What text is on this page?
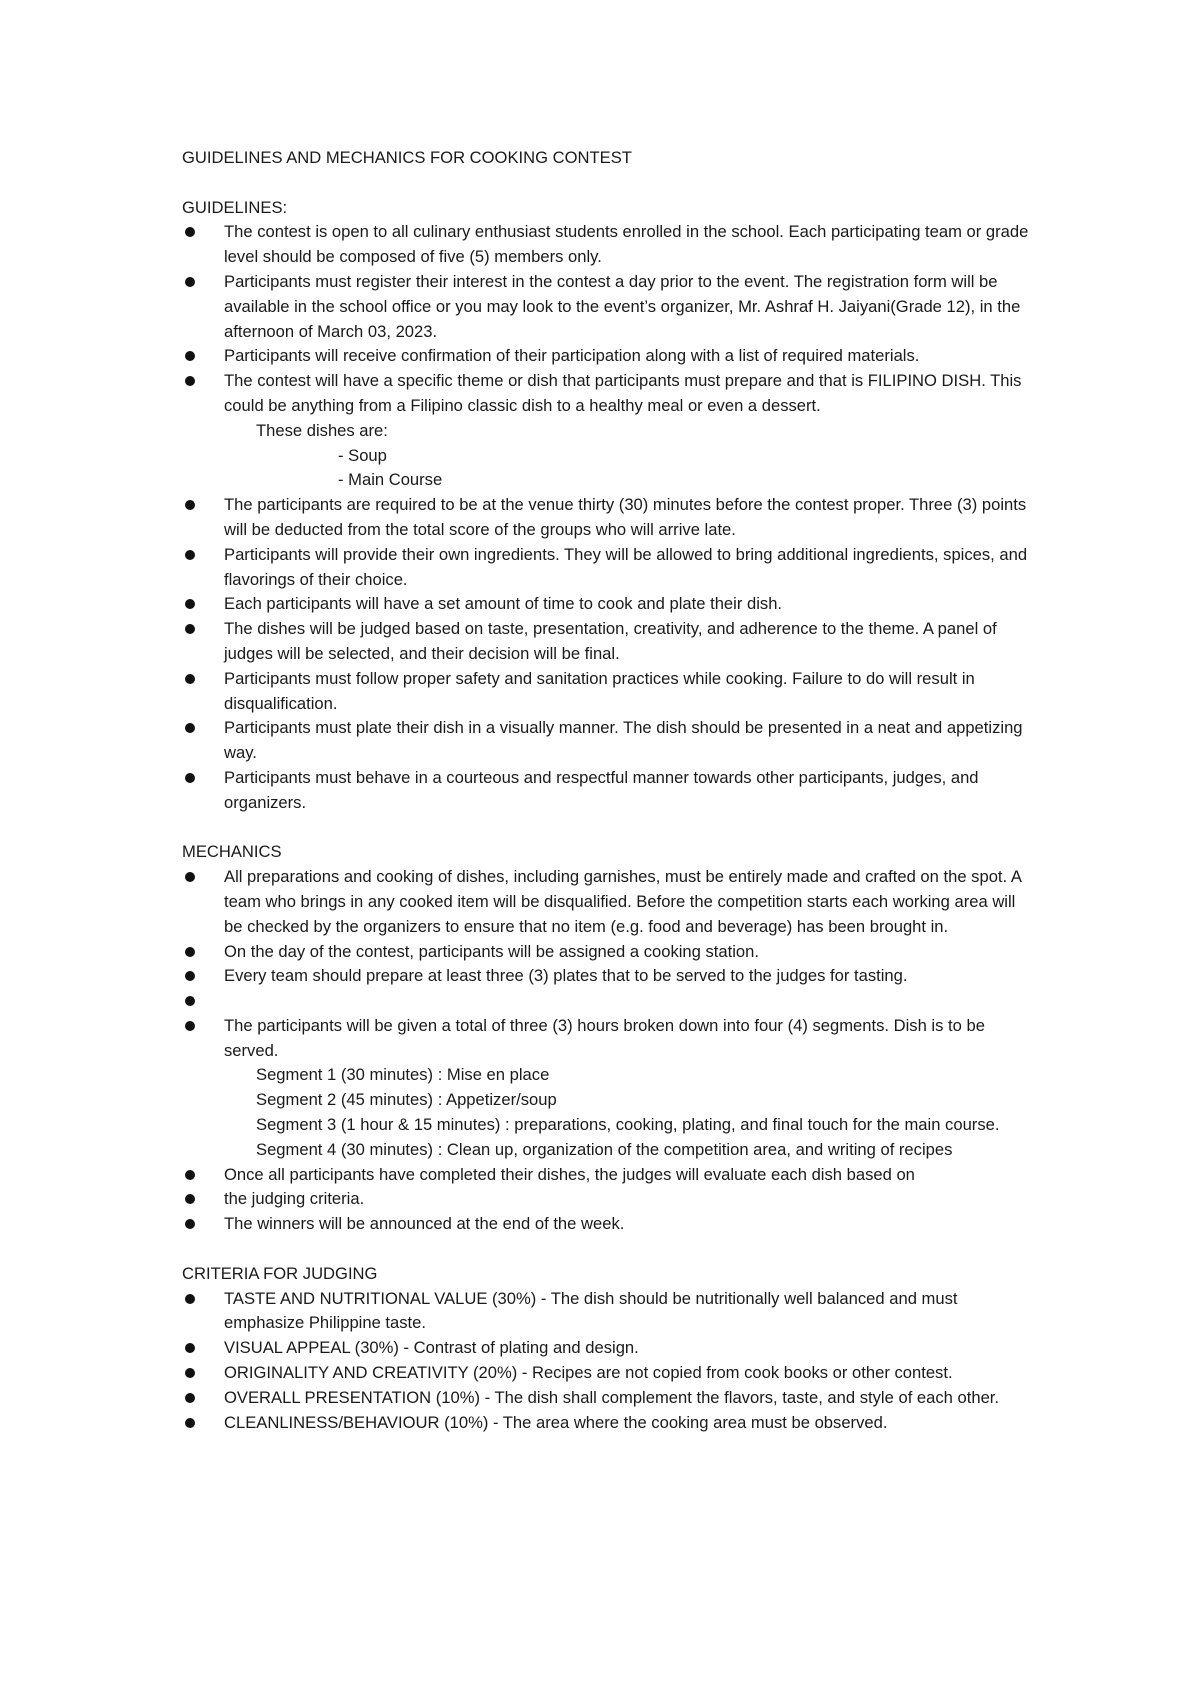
GUIDELINES AND MECHANICS FOR COOKING CONTEST

GUIDELINES:

The contest is open to all culinary enthusiast students enrolled in the school. Each participating team or grade level should be composed of five (5) members only.
Participants must register their interest in the contest a day prior to the event. The registration form will be available in the school office or you may look to the event’s organizer, Mr. Ashraf H. Jaiyani(Grade 12), in the afternoon of March 03, 2023.
Participants will receive confirmation of their participation along with a list of required materials.
The contest will have a specific theme or dish that participants must prepare and that is FILIPINO DISH. This could be anything from a Filipino classic dish to a healthy meal or even a dessert.
These dishes are:
- Soup
- Main Course
The participants are required to be at the venue thirty (30) minutes before the contest proper. Three (3) points will be deducted from the total score of the groups who will arrive late.
Participants will provide their own ingredients. They will be allowed to bring additional ingredients, spices, and flavorings of their choice.
Each participants will have a set amount of time to cook and plate their dish.
The dishes will be judged based on taste, presentation, creativity, and adherence to the theme. A panel of judges will be selected, and their decision will be final.
Participants must follow proper safety and sanitation practices while cooking. Failure to do will result in disqualification.
Participants must plate their dish in a visually manner. The dish should be presented in a neat and appetizing way.
Participants must behave in a courteous and respectful manner towards other participants, judges, and organizers.

MECHANICS

All preparations and cooking of dishes, including garnishes, must be entirely made and crafted on the spot. A team who brings in any cooked item will be disqualified. Before the competition starts each working area will be checked by the organizers to ensure that no item (e.g. food and beverage) has been brought in.
On the day of the contest, participants will be assigned a cooking station.
Every team should prepare at least three (3) plates that to be served to the judges for tasting.
The participants will be given a total of three (3) hours broken down into four (4) segments. Dish is to be served.
Segment 1 (30 minutes) : Mise en place
Segment 2 (45 minutes) : Appetizer/soup
Segment 3 (1 hour & 15 minutes) : preparations, cooking, plating, and final touch for the main course.
Segment 4 (30 minutes) : Clean up, organization of the competition area, and writing of recipes
Once all participants have completed their dishes, the judges will evaluate each dish based on
the judging criteria.
The winners will be announced at the end of the week.

CRITERIA FOR JUDGING

TASTE AND NUTRITIONAL VALUE (30%) - The dish should be nutritionally well balanced and must emphasize Philippine taste.
VISUAL APPEAL (30%) - Contrast of plating and design.
ORIGINALITY AND CREATIVITY (20%) - Recipes are not copied from cook books or other contest.
OVERALL PRESENTATION (10%) - The dish shall complement the flavors, taste, and style of each other.
CLEANLINESS/BEHAVIOUR (10%) - The area where the cooking area must be observed.
